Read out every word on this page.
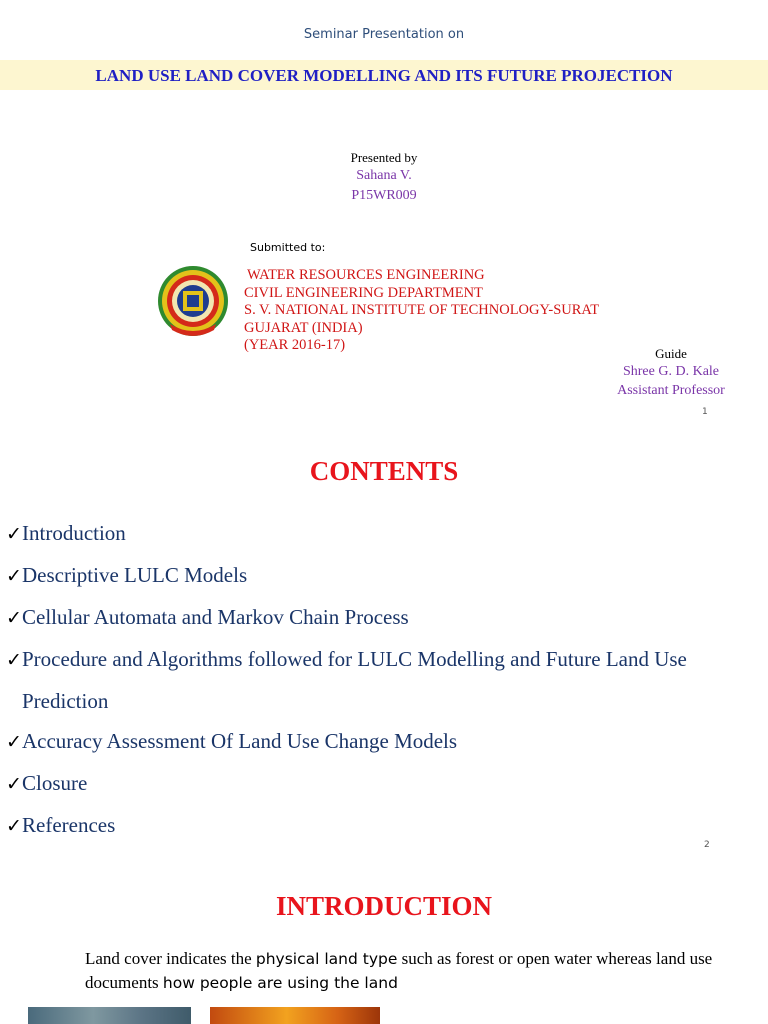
Seminar Presentation on
LAND USE LAND COVER MODELLING AND ITS FUTURE PROJECTION
Presented by
Sahana V.
P15WR009
Submitted to:
WATER RESOURCES ENGINEERING
CIVIL ENGINEERING DEPARTMENT
S. V. NATIONAL INSTITUTE OF TECHNOLOGY-SURAT
GUJARAT (INDIA)
(YEAR 2016-17)
Guide
Shree G. D. Kale
Assistant Professor
1
CONTENTS
✓Introduction
✓Descriptive LULC Models
✓Cellular Automata and Markov Chain Process
✓Procedure and Algorithms followed for LULC Modelling and Future Land Use
Prediction
✓Accuracy Assessment Of Land Use Change Models
✓Closure
✓References
2
INTRODUCTION
Land cover indicates the physical land type such as forest or open water whereas land use documents how people are using the land
